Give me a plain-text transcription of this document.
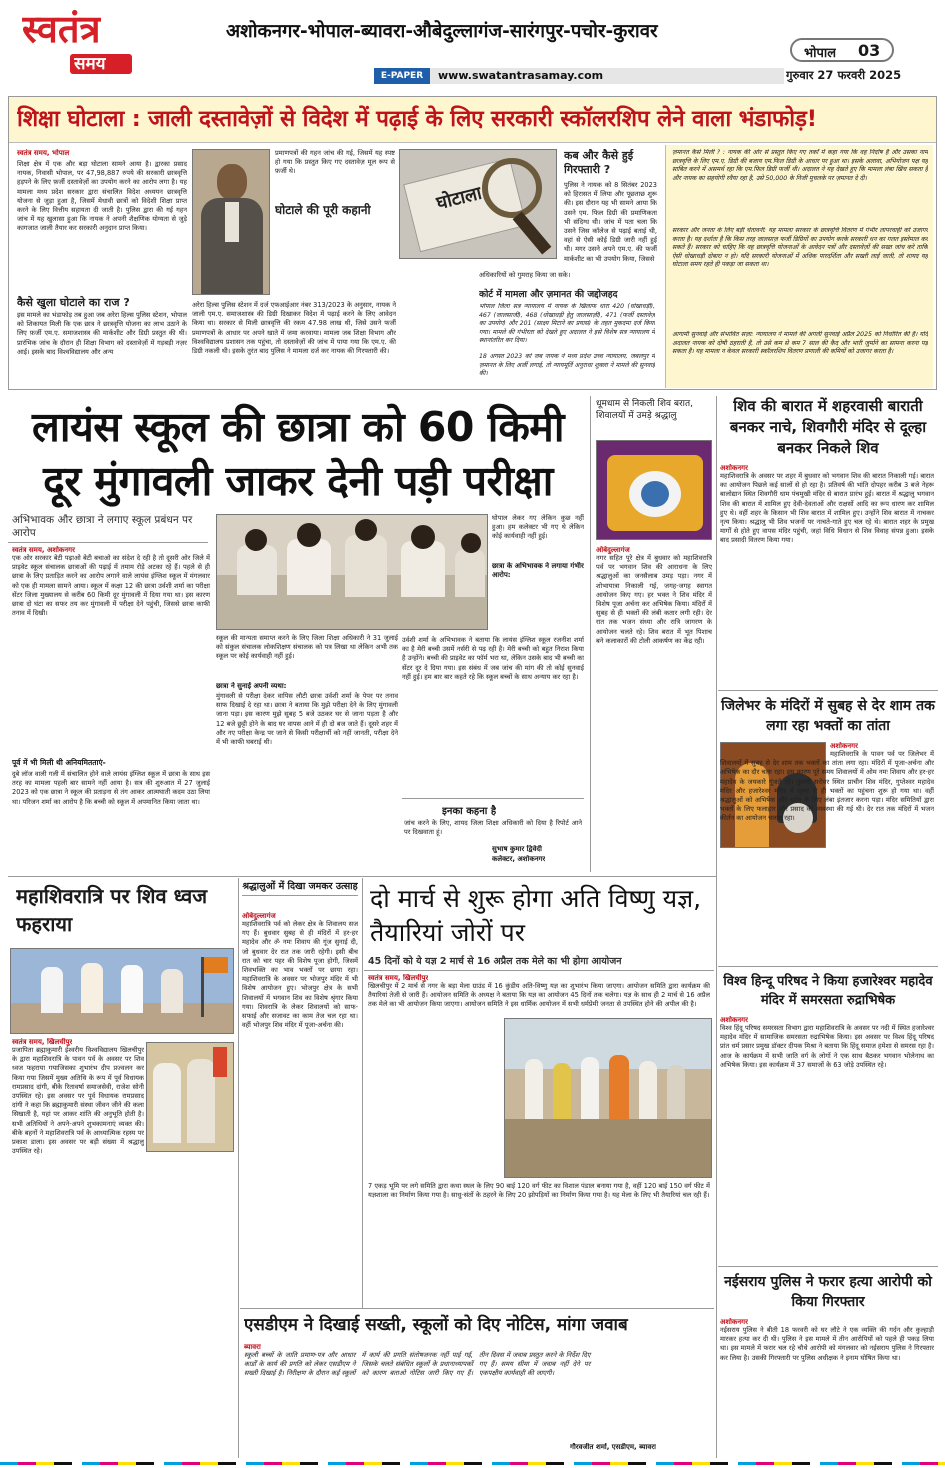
स्वतंत्र
समय
अशोकनगर-भोपाल-ब्यावरा-औबेदुल्लागंज-सारंगपुर-पचोर-कुरावर
भोपाल 03
E-PAPER	www.swatantrasamay.com	गुरुवार 27 फरवरी 2025
शिक्षा घोटाला : जाली दस्तावेज़ों से विदेश में पढ़ाई के लिए सरकारी स्कॉलरशिप लेने वाला भंडाफोड़!
स्वतंत्र समय, भोपाल
शिक्षा क्षेत्र में एक और बड़ा घोटाला सामने आया है। द्वारका प्रसाद नायक, निवासी भोपाल, पर 47,98,887 रुपये की सरकारी छात्रवृत्ति हड़पने के लिए फ़र्जी दस्तावेज़ों का उपयोग करने का आरोप लगा है। यह मामला मध्य प्रदेश सरकार द्वारा संचालित विदेश अध्ययन छात्रवृत्ति योजना से जुड़ा हुआ है, जिसमें मेधावी छात्रों को विदेशी शिक्षा प्राप्त करने के लिए वित्तीय सहायता दी जाती है। पुलिस द्वारा की गई गहन जांच में यह खुलासा हुआ कि नायक ने अपनी शैक्षणिक योग्यता से जुड़े कागजात जाली तैयार कर सरकारी अनुदान प्राप्त किया।
कैसे खुला घोटाले का राज ?
इस मामले का भंडाफोड़ तब हुआ जब अरेरा हिल्स पुलिस स्टेशन, भोपाल को शिकायत मिली कि एक छात्र ने छात्रवृत्ति योजना का लाभ उठाने के लिए फ़र्जी एम.ए. समाजशास्त्र की मार्कशीट और डिग्री प्रस्तुत की थी। प्रारंभिक जांच के दौरान ही शिक्षा विभाग को दस्तावेज़ों में गड़बड़ी नज़र आई। इसके बाद विश्वविद्यालय और अन्य
प्रमाणपत्रों की गहन जांच की गई, जिसमें यह स्पष्ट हो गया कि प्रस्तुत किए गए दस्तावेज़ मूल रूप से फ़र्जी थे।
घोटाले की पूरी कहानी
अरेरा हिल्स पुलिस स्टेशन में दर्ज एफआईआर नंबर 313/2023 के अनुसार, नायक ने जाली एम.ए. समाजशास्त्र की डिग्री दिखाकर विदेश में पढ़ाई करने के लिए आवेदन किया था। सरकार से मिली छात्रवृत्ति की रकम 47.98 लाख थी, जिसे उसने फर्जी प्रमाणपत्रों के आधार पर अपने खाते में जमा करवाया। मामला जब शिक्षा विभाग और विश्वविद्यालय प्रशासन तक पहुंचा, तो दस्तावेज़ों की जांच में पाया गया कि एम.ए. की डिग्री नकली थी। इसके तुरंत बाद पुलिस ने मामला दर्ज कर नायक की गिरफ्तारी की।
घोटाला
अधिकारियों को गुमराह किया जा सके।
कोर्ट में मामला और ज़मानत की जद्दोजहद
भोपाल जिला सत्र न्यायालय में नायक के खिलाफ धारा 420 (धोखाधड़ी), 467 (जालसाजी), 468 (धोखाधड़ी हेतु जालसाज़ी), 471 (फर्जी दस्तावेज़ का उपयोग) और 201 (साक्ष्य मिटाने का प्रयास) के तहत मुकदमा दर्ज किया गया। मामले की गंभीरता को देखते हुए अदालत ने इसे विशेष सत्र न्यायालय में स्थानांतरित कर दिया।
18 अगस्त 2023 को जब नायक ने मध्य प्रदेश उच्च न्यायालय, जबलपुर में ज़मानत के लिए अर्जी लगाई, तो न्यायमूर्ति अनुराधा शुक्ला ने मामले की सुनवाई की।
कब और कैसे हुई गिरफ्तारी ?
पुलिस ने नायक को 8 सितंबर 2023 को हिरासत में लिया और पूछताछ शुरू की। इस दौरान यह भी सामने आया कि उसने एम. फिल डिग्री की प्रमाणिकता भी संदिग्ध थी। जांच में पता चला कि उसने जिस कॉलेज से पढ़ाई बताई थी, वहां से ऐसी कोई डिग्री जारी नहीं हुई थी। मगर उसने अपने एम.ए. की फर्जी मार्कशीट का भी उपयोग किया, जिससे
ज़मानत कैसे मिली ? : नायक की ओर से प्रस्तुत किए गए तर्कों में कहा गया कि वह निर्दोष है और उसका नाम छात्रवृत्ति के लिए एम.ए. डिग्री की बजाय एम.फिल डिग्री के आधार पर हुआ था। इसके अलावा, अभियोजन पक्ष यह साबित करने में असमर्थ रहा कि एम.फिल डिग्री फर्जी थी। अदालत ने यह देखते हुए कि मामला लंबा खिंच सकता है और नायक का सहयोगी रवैया रहा है, उसे 50,000 के निजी मुचलके पर ज़मानत दे दी।
सरकार और जनता के लिए बड़ी चेतावनी: यह मामला सरकार के छात्रवृत्ति वितरण में गंभीर लापरवाही को उजागर करता है। यह दर्शाता है कि किस तरह जालसाज़ फर्जी डिग्रियों का उपयोग करके सरकारी धन का गलत इस्तेमाल कर सकते हैं। सरकार को चाहिए कि वह छात्रवृत्ति योजनाओं के आवेदन पत्रों और दस्तावेज़ों की सख्त जांच करे ताकि ऐसी धोखाधड़ी दोबारा न हो। यदि सरकारी योजनाओं में अधिक पारदर्शिता और सख्ती लाई जाती, तो शायद यह घोटाला समय रहते ही पकड़ा जा सकता था।
आगामी सुनवाई और संभावित सज़ा: न्यायालय ने मामले की अगली सुनवाई अप्रैल 2025 को निर्धारित की है। यदि अदालत नायक को दोषी ठहराती है, तो उसे कम से कम 7 साल की कैद और भारी जुर्माने का सामना करना पड़ सकता है। यह मामला न केवल सरकारी स्कॉलरशिप वितरण प्रणाली की कमियों को उजागर करता है।
लायंस स्कूल की छात्रा को 60 किमी दूर मुंगावली जाकर देनी पड़ी परीक्षा
अभिभावक और छात्रा ने लगाए स्कूल प्रबंधन पर आरोप
स्वतंत्र समय, अशोकनगर
एक ओर सरकार बेटी पढ़ाओ बेटी बचाओ का संदेश दे रही है तो दूसरी ओर जिले में प्राइवेट स्कूल संचालक छात्राओं की पढ़ाई में तमाम रोड़े अटका रहे हैं। पहले से ही छात्रा के लिए प्रताड़ित करने का आरोप लगाने वाले लायंस इंग्लिश स्कूल में मंगलवार को एक ही मामला सामने आया। स्कूल में कक्षा 12 की छात्रा उर्वशी शर्मा का परीक्षा सेंटर जिला मुख्यालय से करीब 60 किमी दूर मुंगावली में दिया गया था। इस कारण छात्रा दो घंटा का सफर तय कर मुंगावली में परीक्षा देने पहुंची, जिससे छात्रा काफी तनाव में दिखी।
पूर्व में भी मिली थी अनियमितताएं-
दुबे लॉज वाली गली में संचालित होने वाले लायंस इंग्लिश स्कूल में छात्रा के साथ इस तरह का मामला पहली बार सामने नहीं आया है। सत्र की शुरुआत में 27 जुलाई 2023 को एक छात्रा ने स्कूल की प्रताड़ना से तंग आकर आत्मघाती कदम उठा लिया था। परिजन शर्मा का आरोप है कि बच्ची को स्कूल में अपमानित किया जाता था।
स्कूल की मान्यता समाप्त करने के लिए जिला शिक्षा अधिकारी ने 31 जुलाई को संकुल संचालक लोकशिक्षण संचालक को पत्र लिखा था लेकिन अभी तक स्कूल पर कोई कार्यवाही नहीं हुई।
छात्रा ने सुनाई अपनी व्यथा:
मुंगावली से परीक्षा देकर वापिस लौटी छात्रा उर्वशी शर्मा के पेपर पर तनाव साफ दिखाई दे रहा था। छात्रा ने बताया कि मुझे परीक्षा देने के लिए मुंगावली जाना पड़ा। इस कारण मुझे सुबह 5 बजे उठकर घर से जाना पड़ता है और 12 बजे छुट्टी होने के बाद घर वापस आने में ही दो बज जाते हैं। दूसरे शहर में और नए परीक्षा केन्द्र पर जाने से किसी परीक्षार्थी को नहीं जानती, परीक्षा देने में भी काफी घबराई थी।
घोपाल लेकर गए लेकिन कुछ नहीं हुआ। हम कलेक्टर भी गए थे लेकिन कोई कार्यवाही नहीं हुई।
छात्रा के अभिभावक ने लगाया गंभीर आरोप:
उर्वशी शर्मा के अभिभावक ने बताया कि लायंस इंग्लिश स्कूल रजनीश शर्मा का है मेरी बच्ची उसमें नर्सरी से पढ़ रही है। मेरी बच्ची को बहुत निराश किया है उन्होंने। बच्ची की प्राइवेट का फॉर्म भरा था, लेकिन उसके बाद भी बच्ची का सेंटर दूर दे दिया गया। इस संबंध में जब जांच की मांग की तो कोई सुनवाई नहीं हुई। हम बार बार कहते रहे कि स्कूल बच्चों के साथ अन्याय कर रहा है।
इनका कहना है
जांच करने के लिए, शायद जिला शिक्षा अधिकारी को दिया है रिपोर्ट आने पर दिखवाता हूं।
सुभाष कुमार द्विवेदी
कलेक्टर, अशोकनगर
धूमधाम से निकली शिव बरात, शिवालयों में उमड़े श्रद्धालु
ओबेदुल्लागंज
नगर सहित पूरे क्षेत्र में बुधवार को महाशिवरात्रि पर्व पर भगवान शिव की आराधना के लिए श्रद्धालुओं का जनसैलाब उमड़ पड़ा। नगर में शोभायात्रा निकाली गई, जगह-जगह स्वागत आयोजन किए गए। हर भक्त ने शिव मंदिर में विशेष पूजा अर्चना कर अभिषेक किया। मंदिरों में सुबह से ही भक्तों की लंबी कतार लगी रही। देर रात तक भजन संध्या और रात्रि जागरण के आयोजन चलते रहे। शिव बरात में भूत पिशाच बने कलाकारों की टोली आकर्षण का केंद्र रही।
शिव की बारात में शहरवासी बाराती बनकर नाचे, शिवगौरी मंदिर से दूल्हा बनकर निकले शिव
अशोकनगर
महाशिवरात्रि के अवसर पर शहर में बुधवार को भगवान शिव की बारात निकाली गई। बारात का आयोजन पिछले कई सालों से हो रहा है। प्रतिवर्ष की भांति दोपहर करीब 3 बजे नेहरू बालोद्यान स्थित शिवगौरी धाम पंचमुखी मंदिर से बारात प्रारंभ हुई। बारात में श्रद्धालु भगवान शिव की बारात में शामिल हुए देवी-देवताओं और राक्षसों आदि का रूप धारण कर शामिल हुए थे। वहीं शहर के किसान भी शिव बारात में शामिल हुए। उन्होंने शिव बारात में नाचकर नृत्य किया। श्रद्धालु भी शिव भजनों पर नाचते-गाते हुए चल रहे थे। बारात शहर के प्रमुख मार्गों से होते हुए वापस मंदिर पहुंची, जहां विधि विधान से शिव विवाह संपन्न हुआ। इसके बाद प्रसादी वितरण किया गया।
जिलेभर के मंदिरों में सुबह से देर शाम तक लगा रहा भक्तों का तांता
अशोकनगर
महाशिवरात्रि के पावन पर्व पर जिलेभर में शिवालयों में सुबह से देर शाम तक भक्तों का तांता लगा रहा। मंदिरों में पूजा-अर्चना और अभिषेक का दौर चला रहा। इस कारण पूरे समय शिवालयों में ओम नमः शिवाय और हर-हर महादेव के जयकारे गूंजते रहे। तुलसी सरोवर स्थित प्राचीन शिव मंदिर, गुप्तेश्वर महादेव मंदिर और हजारेश्वर मंदिर में सुबह से ही भक्तों का पहुंचना शुरू हो गया था। वहीं श्रद्धालुओं को अभिषेक और दर्शन के लिए लंबा इंतजार करना पड़ा। मंदिर समितियों द्वारा भक्तों के लिए फलाहार और प्रसाद की व्यवस्था की गई थी। देर रात तक मंदिरों में भजन कीर्तन का आयोजन चलता रहा।
विश्व हिन्दू परिषद ने किया हजारेश्वर महादेव मंदिर में समरसता रुद्राभिषेक
अशोकनगर
विश्व हिंदू परिषद समरसता विभाग द्वारा महाशिवरात्रि के अवसर पर नदी में स्थित हजारेश्वर महादेव मंदिर में सामाजिक समरसता रुद्राभिषेक किया। इस अवसर पर विश्व हिंदू परिषद प्रांत धर्म प्रसार प्रमुख डॉक्टर दीपक मिश्रा ने बताया कि हिंदू समाज हमेशा से समरस रहा है। आज के कार्यक्रम में सभी जाति वर्ग के लोगों ने एक साथ बैठकर भगवान भोलेनाथ का अभिषेक किया। इस कार्यक्रम में 37 समाजों के 63 जोड़े उपस्थित रहे।
नईसराय पुलिस ने फरार हत्या आरोपी को किया गिरफ्तार
अशोकनगर
नईसराय पुलिस ने बीती 18 फरवरी को घर लौटे ने एक व्यक्ति की गर्दन और कुल्हाड़ी मारकर हत्या कर दी थी। पुलिस ने इस मामले में तीन आरोपियों को पहले ही पकड़ लिया था। इस मामले में फरार चल रहे चौथे आरोपी को मंगलवार को नईसराय पुलिस ने गिरफ्तार कर लिया है। उसकी गिरफ्तारी पर पुलिस अधीक्षक ने इनाम घोषित किया था।
महाशिवरात्रि पर शिव ध्वज फहराया
स्वतंत्र समय, खिलचीपुर
प्रजापिता ब्रह्माकुमारी ईश्वरीय विश्वविद्यालय खिलचीपुर के द्वारा महाशिवरात्रि के पावन पर्व के अवसर पर शिव ध्वज फहराया गयाजिसका शुभारंभ दीप प्रज्वलन कर किया गया जिसमें मुख्य अतिथि के रूप में पूर्व विधायक रामप्रसाद दांगी, बीके रितावर्षा समाजसेवी, राजेश सोनी उपस्थित रहे। इस अवसर पर पूर्व विधायक रामप्रसाद दांगी ने कहा कि ब्रह्माकुमारी संस्था जीवन जीने की कला सिखाती है, यहां पर आकर शांति की अनुभूति होती है। सभी अतिथियों ने अपने-अपने शुभकामनाएं व्यक्त की। बीके बहनों ने महाशिवरात्रि पर्व के आध्यात्मिक रहस्य पर प्रकाश डाला। इस अवसर पर बड़ी संख्या में श्रद्धालु उपस्थित रहे।
श्रद्धालुओं में दिखा जमकर उत्साह
ओबेदुल्लागंज
महाशिवरात्रि पर्व को लेकर क्षेत्र के शिवालय सज गए हैं। बुधवार सुबह से ही मंदिरों में हर-हर महादेव और ॐ नमः शिवाय की गूंज सुनाई दी, जो बुधवार देर रात तक जारी रहेगी। इसी बीच रात को चार पहर की विशेष पूजा होगी, जिसमें शिवभक्ति का भाव भक्तों पर छाया रहा। महाशिवरात्रि के अवसर पर भोजपुर मंदिर में भी विशेष आयोजन हुए। भोजपुर क्षेत्र के सभी शिवालयों में भगवान शिव का विशेष श्रृंगार किया गया। शिवरात्रि के लेकर शिवालयों को साफ-सफाई और सजावट का काम तेज चल रहा था। वहीं भोजपुर शिव मंदिर में पूजा-अर्चना की।
दो मार्च से शुरू होगा अति विष्णु यज्ञ, तैयारियां जोरों पर
45 दिनों को ये यज्ञ 2 मार्च से 16 अप्रैल तक मेले का भी होगा आयोजन
स्वतंत्र समय, खिलचीपुर
खिलचीपुर में 2 मार्च से नगर के बड़ा मेला ग्राउंड में 16 कुंडीय अति-विष्णु यज्ञ का शुभारंभ किया जाएगा। आयोजन समिति द्वारा कार्यक्रम की तैयारियां तेजी से जारी हैं। आयोजन समिति के अध्यक्ष ने बताया कि यज्ञ का आयोजन 45 दिनों तक चलेगा। यज्ञ के साथ ही 2 मार्च से 16 अप्रैल तक मेले का भी आयोजन किया जाएगा। आयोजन समिति ने इस धार्मिक आयोजन में सभी धर्मप्रेमी जनता से उपस्थित होने की अपील की है।
7 एकड़ भूमि पर लगे समिति द्वारा कथा स्थल के लिए 90 बाई 120 वर्ग फीट का विशाल पंडाल बनाया गया है, वहीं 120 बाई 150 वर्ग फीट में यज्ञशाला का निर्माण किया गया है। साधु-संतों के ठहरने के लिए 20 झोपड़ियों का निर्माण किया गया है। यह मेला के लिए भी तैयारियां चल रही हैं।
एसडीएम ने दिखाई सख्ती, स्कूलों को दिए नोटिस, मांगा जवाब
ब्यावरा
स्कूली बच्चों के जाति प्रमाण-पत्र और आधार कार्डों के कार्य की प्रगति को लेकर एसडीएम ने सख्ती दिखाई है। निरीक्षण के दौरान कई स्कूलों में कार्य की प्रगति संतोषजनक नहीं पाई गई, जिसके चलते संबंधित स्कूलों के प्रधानाध्यापकों को कारण बताओ नोटिस जारी किए गए हैं। तीन दिवस में जवाब प्रस्तुत करने के निर्देश दिए गए हैं। समय सीमा में जवाब नहीं देने पर एकपक्षीय कार्यवाही की जाएगी।
गौरवजीत शर्मा, एसडीएम, ब्यावरा
